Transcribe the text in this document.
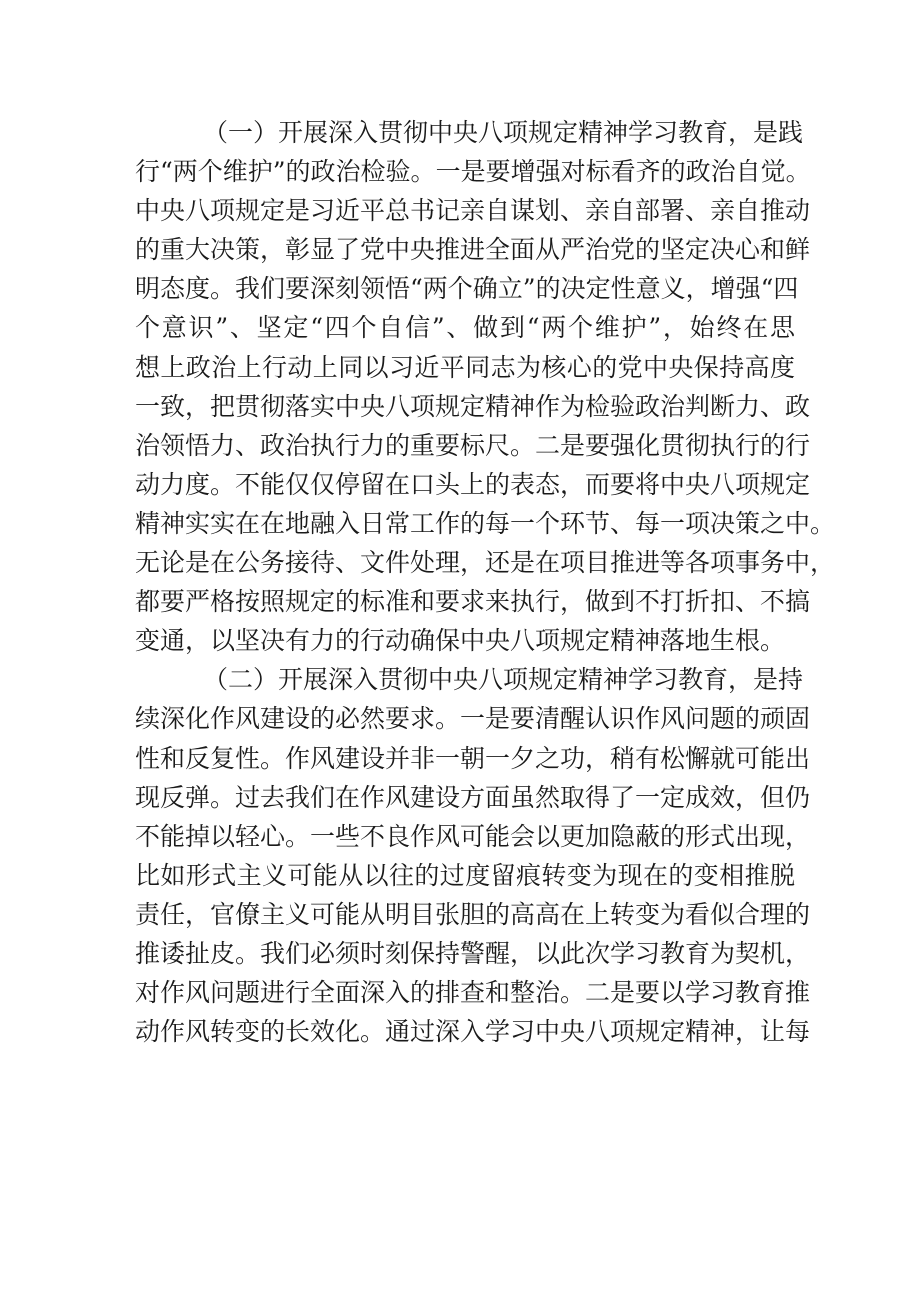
（一）开展深入贯彻中央八项规定精神学习教育，是践
行“两个维护”的政治检验。一是要增强对标看齐的政治自觉。
中央八项规定是习近平总书记亲自谋划、亲自部署、亲自推动
的重大决策，彰显了党中央推进全面从严治党的坚定决心和鲜
明态度。我们要深刻领悟“两个确立”的决定性意义，增强“四
个意识”、坚定“四个自信”、做到“两个维护”，始终在思
想上政治上行动上同以习近平同志为核心的党中央保持高度
一致，把贯彻落实中央八项规定精神作为检验政治判断力、政
治领悟力、政治执行力的重要标尺。二是要强化贯彻执行的行
动力度。不能仅仅停留在口头上的表态，而要将中央八项规定
精神实实在在地融入日常工作的每一个环节、每一项决策之中。
无论是在公务接待、文件处理，还是在项目推进等各项事务中，
都要严格按照规定的标准和要求来执行，做到不打折扣、不搞
变通，以坚决有力的行动确保中央八项规定精神落地生根。
（二）开展深入贯彻中央八项规定精神学习教育，是持
续深化作风建设的必然要求。一是要清醒认识作风问题的顽固
性和反复性。作风建设并非一朝一夕之功，稍有松懈就可能出
现反弹。过去我们在作风建设方面虽然取得了一定成效，但仍
不能掉以轻心。一些不良作风可能会以更加隐蔽的形式出现，
比如形式主义可能从以往的过度留痕转变为现在的变相推脱
责任，官僚主义可能从明目张胆的高高在上转变为看似合理的
推诿扯皮。我们必须时刻保持警醒，以此次学习教育为契机，
对作风问题进行全面深入的排查和整治。二是要以学习教育推
动作风转变的长效化。通过深入学习中央八项规定精神，让每
